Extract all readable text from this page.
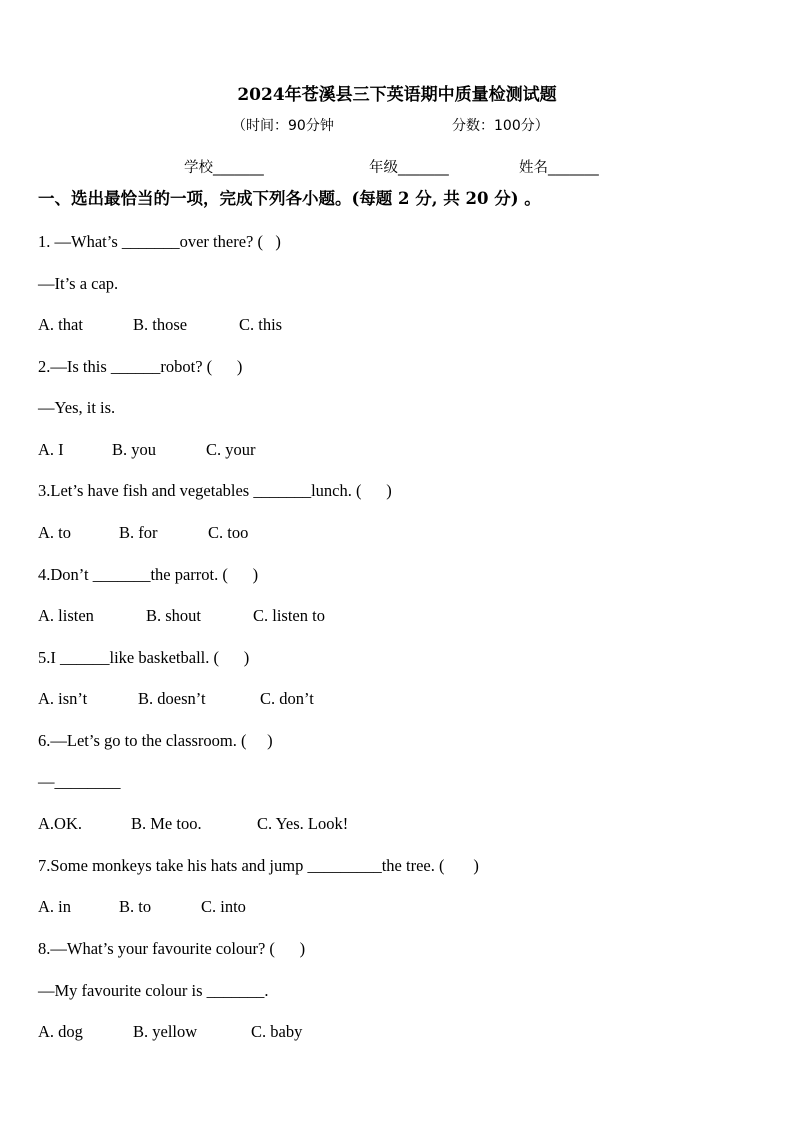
2024年苍溪县三下英语期中质量检测试题
（时间：90分钟	分数：100分）
学校_______	年级_______	姓名_______
一、选出最恰当的一项，完成下列各小题。(每题 2 分, 共 20 分) 。
1. —What’s _______over there? (   )
—It’s a cap.
A. that	B. those	C. this
2.—Is this ______robot? (      )
—Yes, it is.
A. I	B. you	C. your
3.Let’s have fish and vegetables _______lunch. (      )
A. to	B. for	C. too
4.Don’t _______the parrot. (      )
A. listen	B. shout	C. listen to
5.I ______like basketball. (      )
A. isn’t	B. doesn’t	C. don’t
6.—Let’s go to the classroom. (     )
—________
A.OK.	B. Me too.	C. Yes. Look!
7.Some monkeys take his hats and jump _________the tree. (       )
A. in	B. to	C. into
8.—What’s your favourite colour? (      )
—My favourite colour is _______.
A. dog	B. yellow	C. baby
